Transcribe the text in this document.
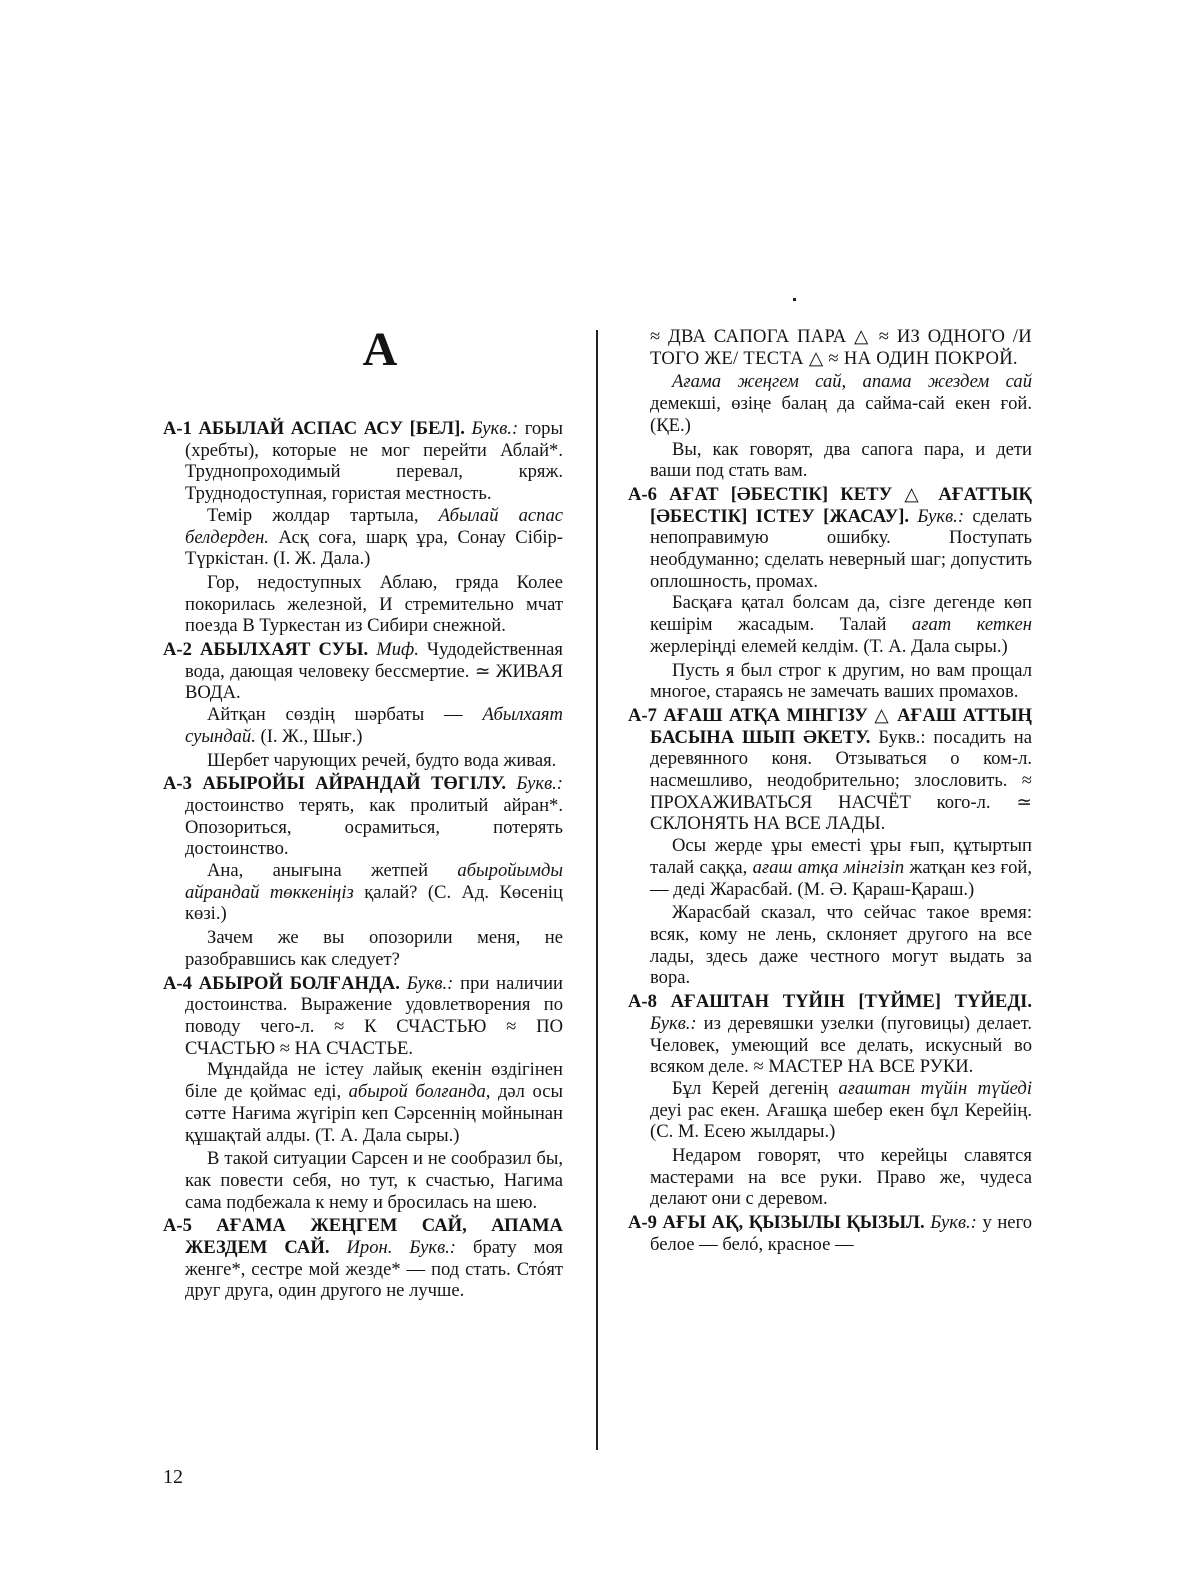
А

А-1 АБЫЛАЙ АСПАС АСУ [БЕЛ]. Букв.: горы (хребты), которые не мог перейти Аблай*. Труднопроходимый перевал, кряж. Труднодоступная, гористая местность.

Темір жолдар тартыла, Абылай аспас белдерден. Асқ соға, шарқ ұра, Сонау Сібір-Түркістан. (І. Ж. Дала.)

Гор, недоступных Аблаю, гряда Колее покорилась железной, И стремительно мчат поезда В Туркестан из Сибири снежной.

А-2 АБЫЛХАЯТ СУЫ. Миф. Чудодейственная вода, дающая человеку бессмертие. ≃ ЖИВАЯ ВОДА.

Айтқан сөздің шәрбаты — Абылхаят суындай. (І. Ж., Шығ.)

Шербет чарующих речей, будто вода живая.

А-3 АБЫРОЙЫ АЙРАНДАЙ ТӨГІЛУ. Букв.: достоинство терять, как пролитый айран*. Опозориться, осрамиться, потерять достоинство.

Ана, анығына жетпей абыройымды айрандай төккеніңіз қалай? (С. Ад. Көсеніц көзі.)

Зачем же вы опозорили меня, не разобравшись как следует?

А-4 АБЫРОЙ БОЛҒАНДА. Букв.: при наличии достоинства. Выражение удовлетворения по поводу чего-л. ≈ К СЧАСТЬЮ ≈ ПО СЧАСТЬЮ ≈ НА СЧАСТЬЕ.

Мұндайда не істеу лайық екенін өздігінен біле де қоймас еді, абырой болғанда, дәл осы сәтте Нағима жүгіріп кеп Сәрсеннің мойнынан құшақтай алды. (Т. А. Дала сыры.)

В такой ситуации Сарсен и не сообразил бы, как повести себя, но тут, к счастью, Нагима сама подбежала к нему и бросилась на шею.

А-5 АҒАМА ЖЕҢГЕМ САЙ, АПАМА ЖЕЗДЕМ САЙ. Ирон. Букв.: брату моя женге*, сестре мой жезде* — под стать. Стóят друг друга, один другого не лучше.

≈ ДВА САПОГА ПАРА △ ≈ ИЗ ОДНОГО /И ТОГО ЖЕ/ ТЕСТА △ ≈ НА ОДИН ПОКРОЙ.

Ағама жеңгем сай, апама жездем сай демекші, өзіңе балаң да саймa-сай екен ғой. (ҚЕ.)

Вы, как говорят, два сапога пара, и дети ваши под стать вам.

А-6 АҒАТ [ӘБЕСТІК] КЕТУ △ АҒАТТЫҚ [ӘБЕСТІК] ІСТЕУ [ЖАСАУ]. Букв.: сделать непоправимую ошибку. Поступать необдуманно; сделать неверный шаг; допустить оплошность, промах.

Басқаға қатал болсам да, сізге дегенде көп кешірім жасадым. Талай ағат кеткен жерлеріңді елемей келдім. (Т. А. Дала сыры.)

Пусть я был строг к другим, но вам прощал многое, стараясь не замечать ваших промахов.

А-7 АҒАШ АТҚА МІНГІЗУ △ АҒАШ АТТЫҢ БАСЫНА ШЫП ӘКЕТУ. Букв.: посадить на деревянного коня. Отзываться о ком-л. насмешливо, неодобрительно; злословить. ≈ ПРОХАЖИВАТЬСЯ НАСЧЁТ кого-л. ≃ СКЛОНЯТЬ НА ВСЕ ЛАДЫ.

Осы жерде ұры еместі ұры ғып, құтыртып талай саққа, ағаш атқа мінгізіп жатқан кез ғой,— деді Жарасбай. (М. Ә. Қараш-Қараш.)

Жарасбай сказал, что сейчас такое время: всяк, кому не лень, склоняет другого на все лады, здесь даже честного могут выдать за вора.

А-8 АҒАШТАН ТҮЙІН [ТҮЙМЕ] ТҮЙЕДІ. Букв.: из деревяшки узелки (пуговицы) делает. Человек, умеющий все делать, искусный во всяком деле. ≈ МАСТЕР НА ВСЕ РУКИ.

Бұл Керей дегенің ағаштан түйін түйеді деуі рас екен. Ағашқа шебер екен бұл Керейің. (С. М. Есею жылдары.)

Недаром говорят, что керейцы славятся мастерами на все руки. Право же, чудеса делают они с деревом.

А-9 АҒЫ АҚ, ҚЫЗЫЛЫ ҚЫЗЫЛ. Букв.: у него белое — белó, красное —

12
